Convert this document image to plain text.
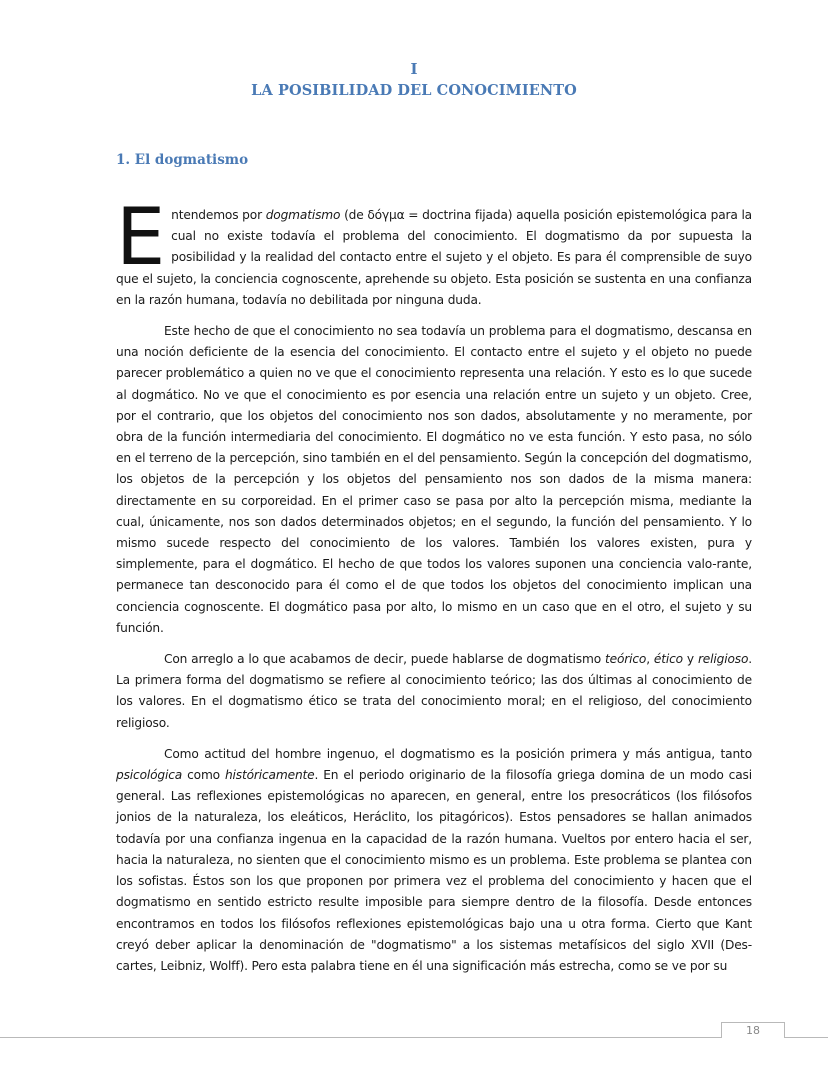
I
LA POSIBILIDAD DEL CONOCIMIENTO
1. El dogmatismo

Entendemos por dogmatismo (de δόγμα = doctrina fijada) aquella posición epistemológica para la cual no existe todavía el problema del conocimiento. El dogmatismo da por supuesta la posibilidad y la realidad del contacto entre el sujeto y el objeto. Es para él comprensible de suyo que el sujeto, la conciencia cognoscente, aprehende su objeto. Esta posición se sustenta en una confianza en la razón humana, todavía no debilitada por ninguna duda.

Este hecho de que el conocimiento no sea todavía un problema para el dogmatismo, descansa en una noción deficiente de la esencia del conocimiento. El contacto entre el sujeto y el objeto no puede parecer problemático a quien no ve que el conocimiento representa una relación. Y esto es lo que sucede al dogmático. No ve que el conocimiento es por esencia una relación entre un sujeto y un objeto. Cree, por el contrario, que los objetos del conocimiento nos son dados, absolutamente y no meramente, por obra de la función intermediaria del conocimiento. El dogmático no ve esta función. Y esto pasa, no sólo en el terreno de la percepción, sino también en el del pensamiento. Según la concepción del dogmatismo, los objetos de la percepción y los objetos del pensamiento nos son dados de la misma manera: directamente en su corporeidad. En el primer caso se pasa por alto la percepción misma, mediante la cual, únicamente, nos son dados determinados objetos; en el segundo, la función del pensamiento. Y lo mismo sucede respecto del conocimiento de los valores. También los valores existen, pura y simplemente, para el dogmático. El hecho de que todos los valores suponen una conciencia valo-rante, permanece tan desconocido para él como el de que todos los objetos del conocimiento implican una conciencia cognoscente. El dogmático pasa por alto, lo mismo en un caso que en el otro, el sujeto y su función.

Con arreglo a lo que acabamos de decir, puede hablarse de dogmatismo teórico, ético y religioso. La primera forma del dogmatismo se refiere al conocimiento teórico; las dos últimas al conocimiento de los valores. En el dogmatismo ético se trata del conocimiento moral; en el religioso, del conocimiento religioso.

Como actitud del hombre ingenuo, el dogmatismo es la posición primera y más antigua, tanto psicológica como históricamente. En el periodo originario de la filosofía griega domina de un modo casi general. Las reflexiones epistemológicas no aparecen, en general, entre los presocráticos (los filósofos jonios de la naturaleza, los eleáticos, Heráclito, los pitagóricos). Estos pensadores se hallan animados todavía por una confianza ingenua en la capacidad de la razón humana. Vueltos por entero hacia el ser, hacia la naturaleza, no sienten que el conocimiento mismo es un problema. Este problema se plantea con los sofistas. Éstos son los que proponen por primera vez el problema del conocimiento y hacen que el dogmatismo en sentido estricto resulte imposible para siempre dentro de la filosofía. Desde entonces encontramos en todos los filósofos reflexiones epistemológicas bajo una u otra forma. Cierto que Kant creyó deber aplicar la denominación de "dogmatismo" a los sistemas metafísicos del siglo XVII (Des-cartes, Leibniz, Wolff). Pero esta palabra tiene en él una significación más estrecha, como se ve por su

18
